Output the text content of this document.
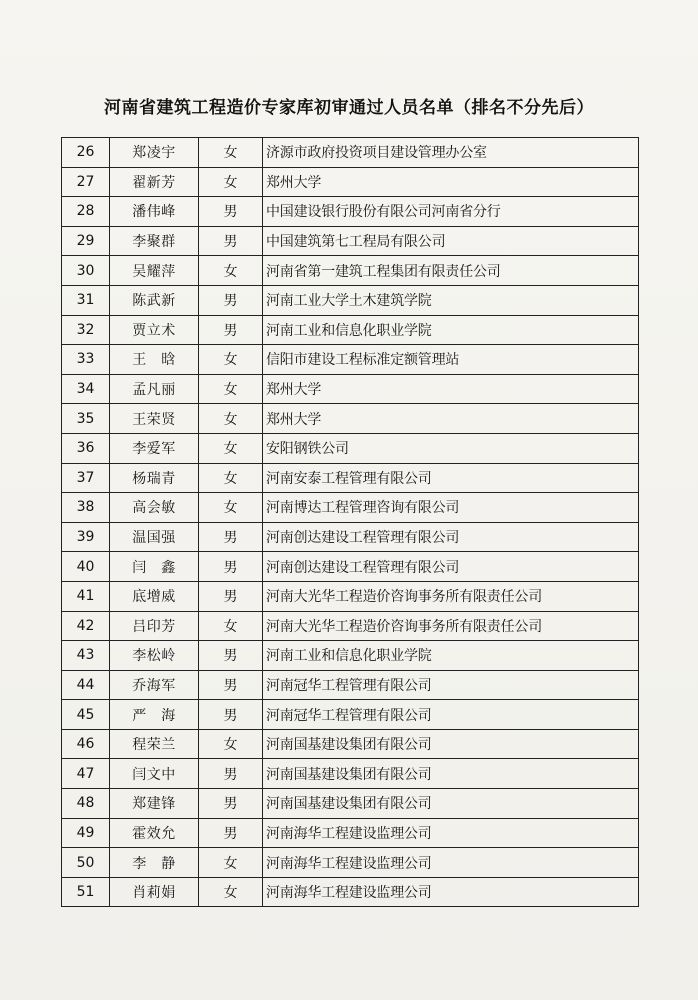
河南省建筑工程造价专家库初审通过人员名单（排名不分先后）
26	郑凌宇	女	济源市政府投资项目建设管理办公室
27	翟新芳	女	郑州大学
28	潘伟峰	男	中国建设银行股份有限公司河南省分行
29	李聚群	男	中国建筑第七工程局有限公司
30	吴耀萍	女	河南省第一建筑工程集团有限责任公司
31	陈武新	男	河南工业大学土木建筑学院
32	贾立术	男	河南工业和信息化职业学院
33	王　晗	女	信阳市建设工程标准定额管理站
34	孟凡丽	女	郑州大学
35	王荣贤	女	郑州大学
36	李爱军	女	安阳钢铁公司
37	杨瑞青	女	河南安泰工程管理有限公司
38	高会敏	女	河南博达工程管理咨询有限公司
39	温国强	男	河南创达建设工程管理有限公司
40	闫　鑫	男	河南创达建设工程管理有限公司
41	底增威	男	河南大光华工程造价咨询事务所有限责任公司
42	吕印芳	女	河南大光华工程造价咨询事务所有限责任公司
43	李松岭	男	河南工业和信息化职业学院
44	乔海军	男	河南冠华工程管理有限公司
45	严　海	男	河南冠华工程管理有限公司
46	程荣兰	女	河南国基建设集团有限公司
47	闫文中	男	河南国基建设集团有限公司
48	郑建锋	男	河南国基建设集团有限公司
49	霍效允	男	河南海华工程建设监理公司
50	李　静	女	河南海华工程建设监理公司
51	肖莉娟	女	河南海华工程建设监理公司
